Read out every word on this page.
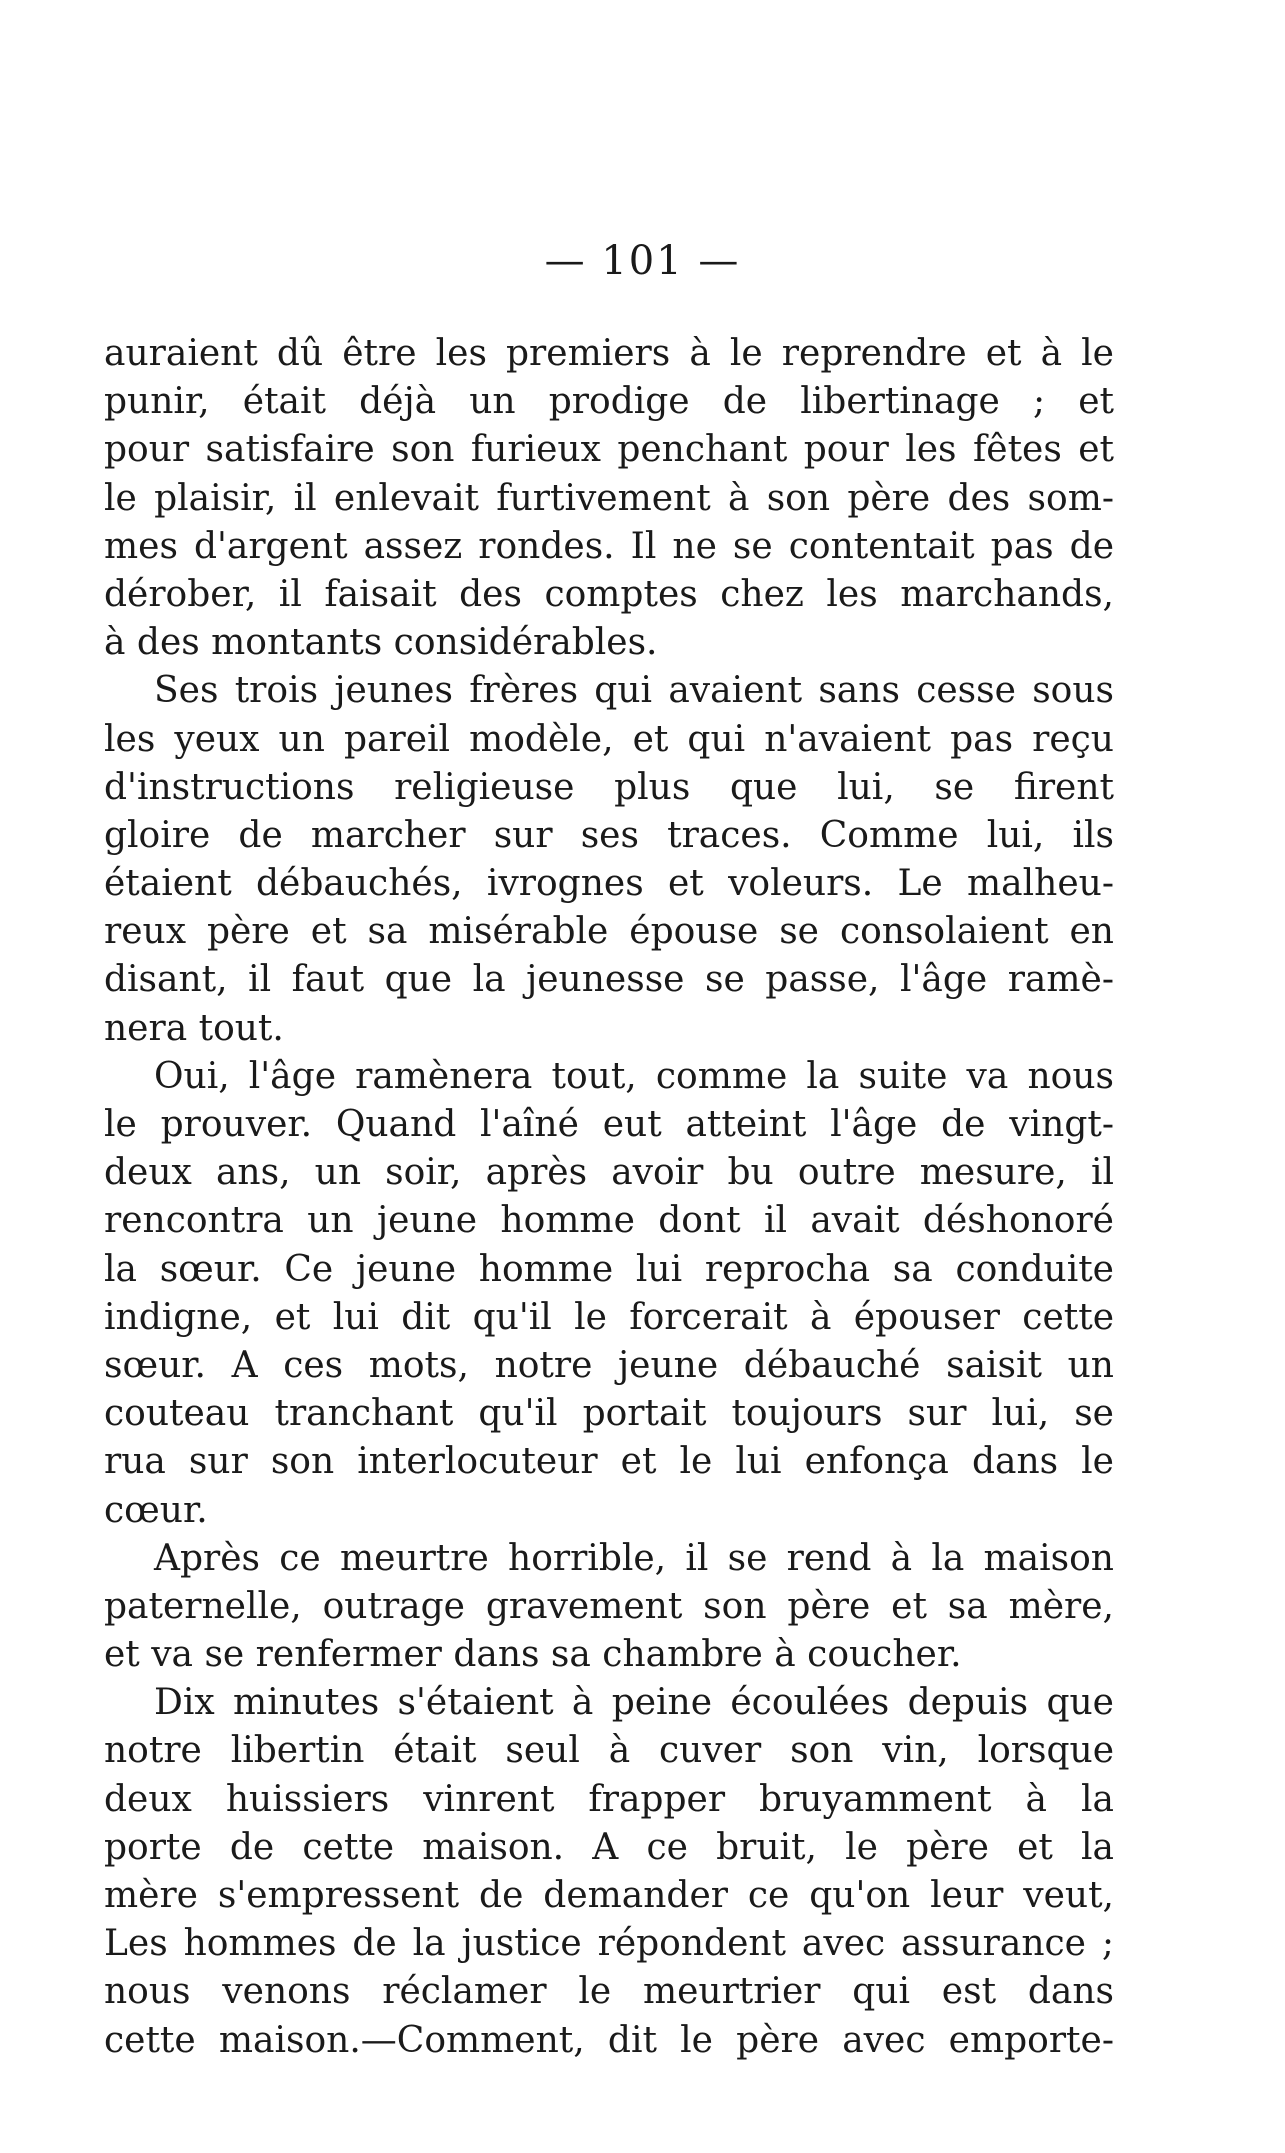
— 101 —

auraient dû être les premiers à le reprendre et à le
punir, était déjà un prodige de libertinage ; et
pour satisfaire son furieux penchant pour les fêtes et
le plaisir, il enlevait furtivement à son père des som-
mes d'argent assez rondes. Il ne se contentait pas de
dérober, il faisait des comptes chez les marchands,
à des montants considérables.
Ses trois jeunes frères qui avaient sans cesse sous
les yeux un pareil modèle, et qui n'avaient pas reçu
d'instructions religieuse plus que lui, se firent
gloire de marcher sur ses traces. Comme lui, ils
étaient débauchés, ivrognes et voleurs. Le malheu-
reux père et sa misérable épouse se consolaient en
disant, il faut que la jeunesse se passe, l'âge ramè-
nera tout.
Oui, l'âge ramènera tout, comme la suite va nous
le prouver. Quand l'aîné eut atteint l'âge de vingt-
deux ans, un soir, après avoir bu outre mesure, il
rencontra un jeune homme dont il avait déshonoré
la sœur. Ce jeune homme lui reprocha sa conduite
indigne, et lui dit qu'il le forcerait à épouser cette
sœur. A ces mots, notre jeune débauché saisit un
couteau tranchant qu'il portait toujours sur lui, se
rua sur son interlocuteur et le lui enfonça dans le
cœur.
Après ce meurtre horrible, il se rend à la maison
paternelle, outrage gravement son père et sa mère,
et va se renfermer dans sa chambre à coucher.
Dix minutes s'étaient à peine écoulées depuis que
notre libertin était seul à cuver son vin, lorsque
deux huissiers vinrent frapper bruyamment à la
porte de cette maison. A ce bruit, le père et la
mère s'empressent de demander ce qu'on leur veut,
Les hommes de la justice répondent avec assurance ;
nous venons réclamer le meurtrier qui est dans
cette maison.—Comment, dit le père avec emporte-
